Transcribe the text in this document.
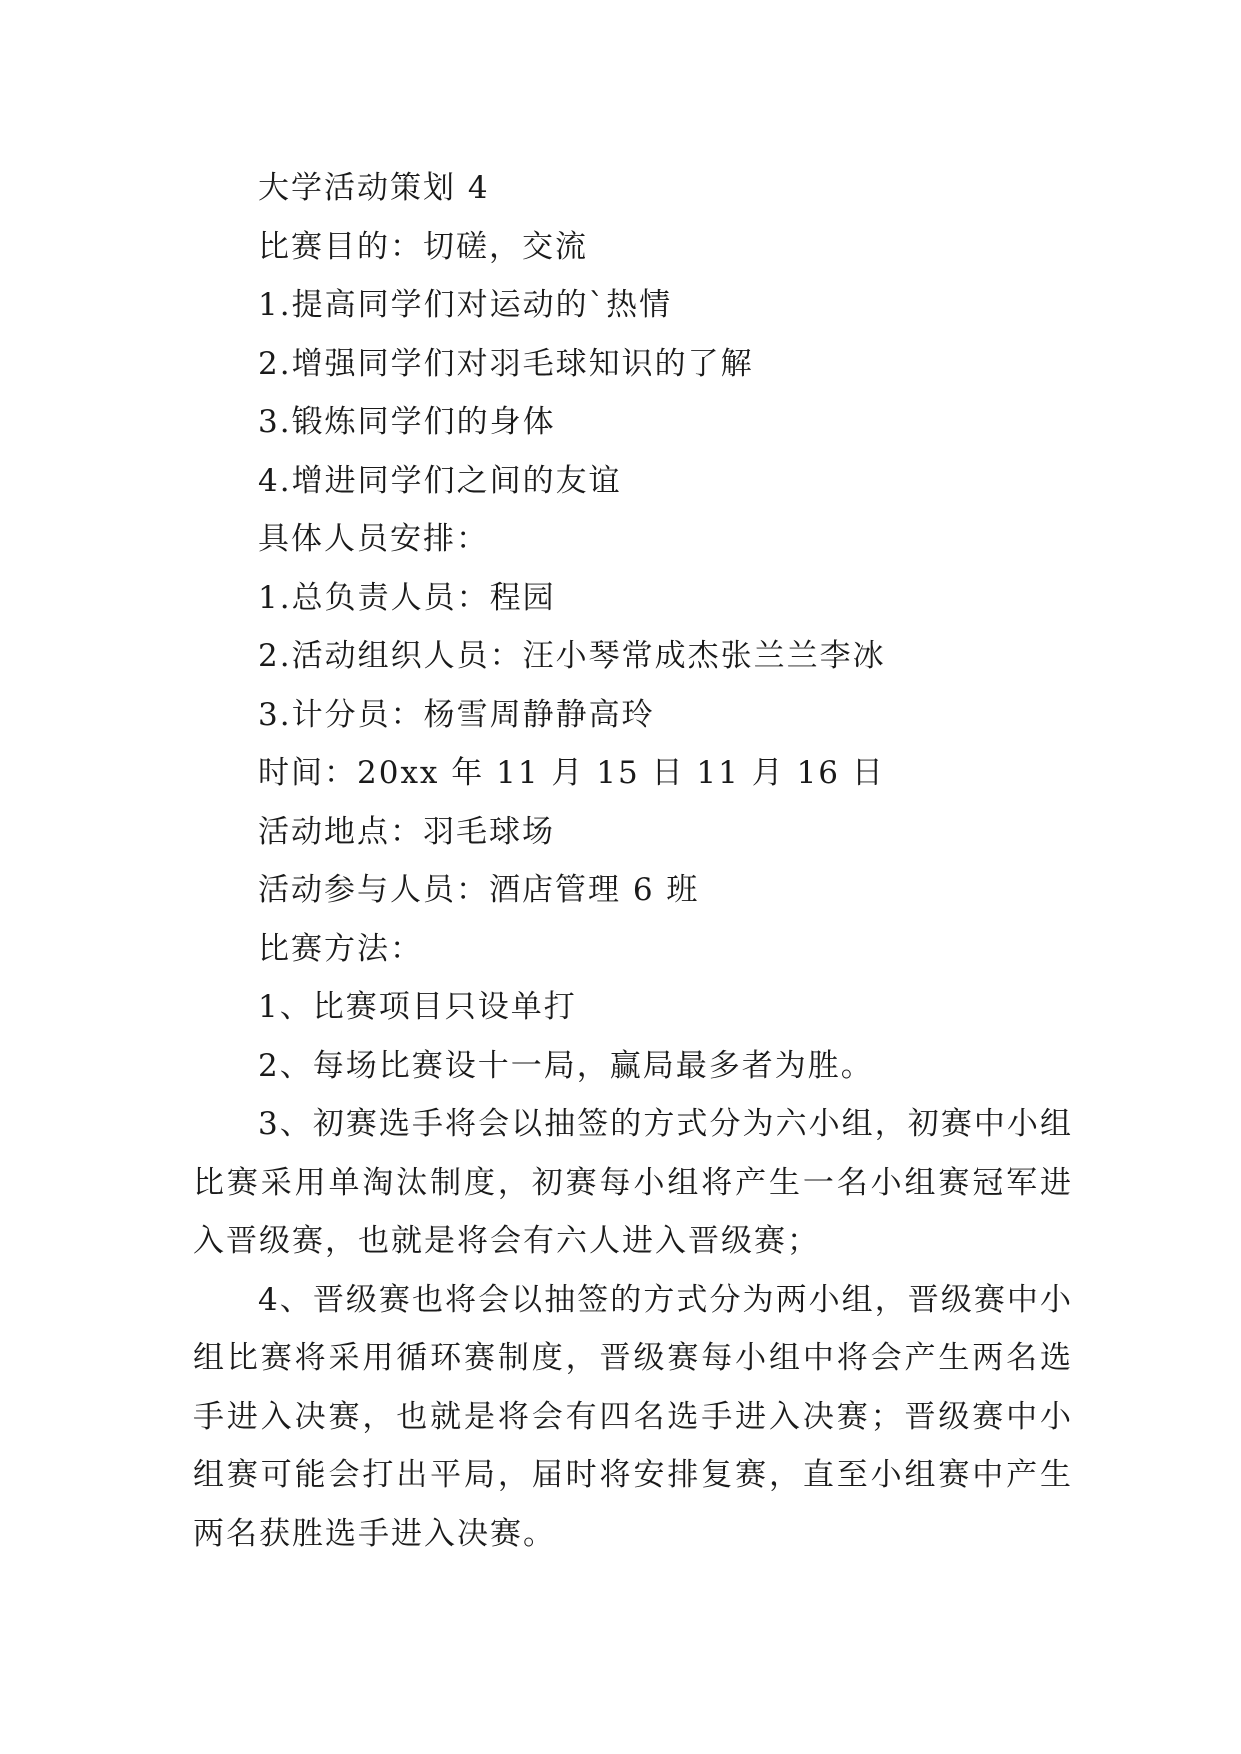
大学活动策划 4

比赛目的：切磋，交流

1.提高同学们对运动的`热情

2.增强同学们对羽毛球知识的了解

3.锻炼同学们的身体

4.增进同学们之间的友谊

具体人员安排：

1.总负责人员：程园

2.活动组织人员：汪小琴常成杰张兰兰李冰

3.计分员：杨雪周静静高玲

时间：20xx 年 11 月 15 日 11 月 16 日

活动地点：羽毛球场

活动参与人员：酒店管理 6 班

比赛方法：

1、比赛项目只设单打

2、每场比赛设十一局，赢局最多者为胜。

3、初赛选手将会以抽签的方式分为六小组，初赛中小组比赛采用单淘汰制度，初赛每小组将产生一名小组赛冠军进入晋级赛，也就是将会有六人进入晋级赛；

4、晋级赛也将会以抽签的方式分为两小组，晋级赛中小组比赛将采用循环赛制度，晋级赛每小组中将会产生两名选手进入决赛，也就是将会有四名选手进入决赛；晋级赛中小组赛可能会打出平局，届时将安排复赛，直至小组赛中产生两名获胜选手进入决赛。
